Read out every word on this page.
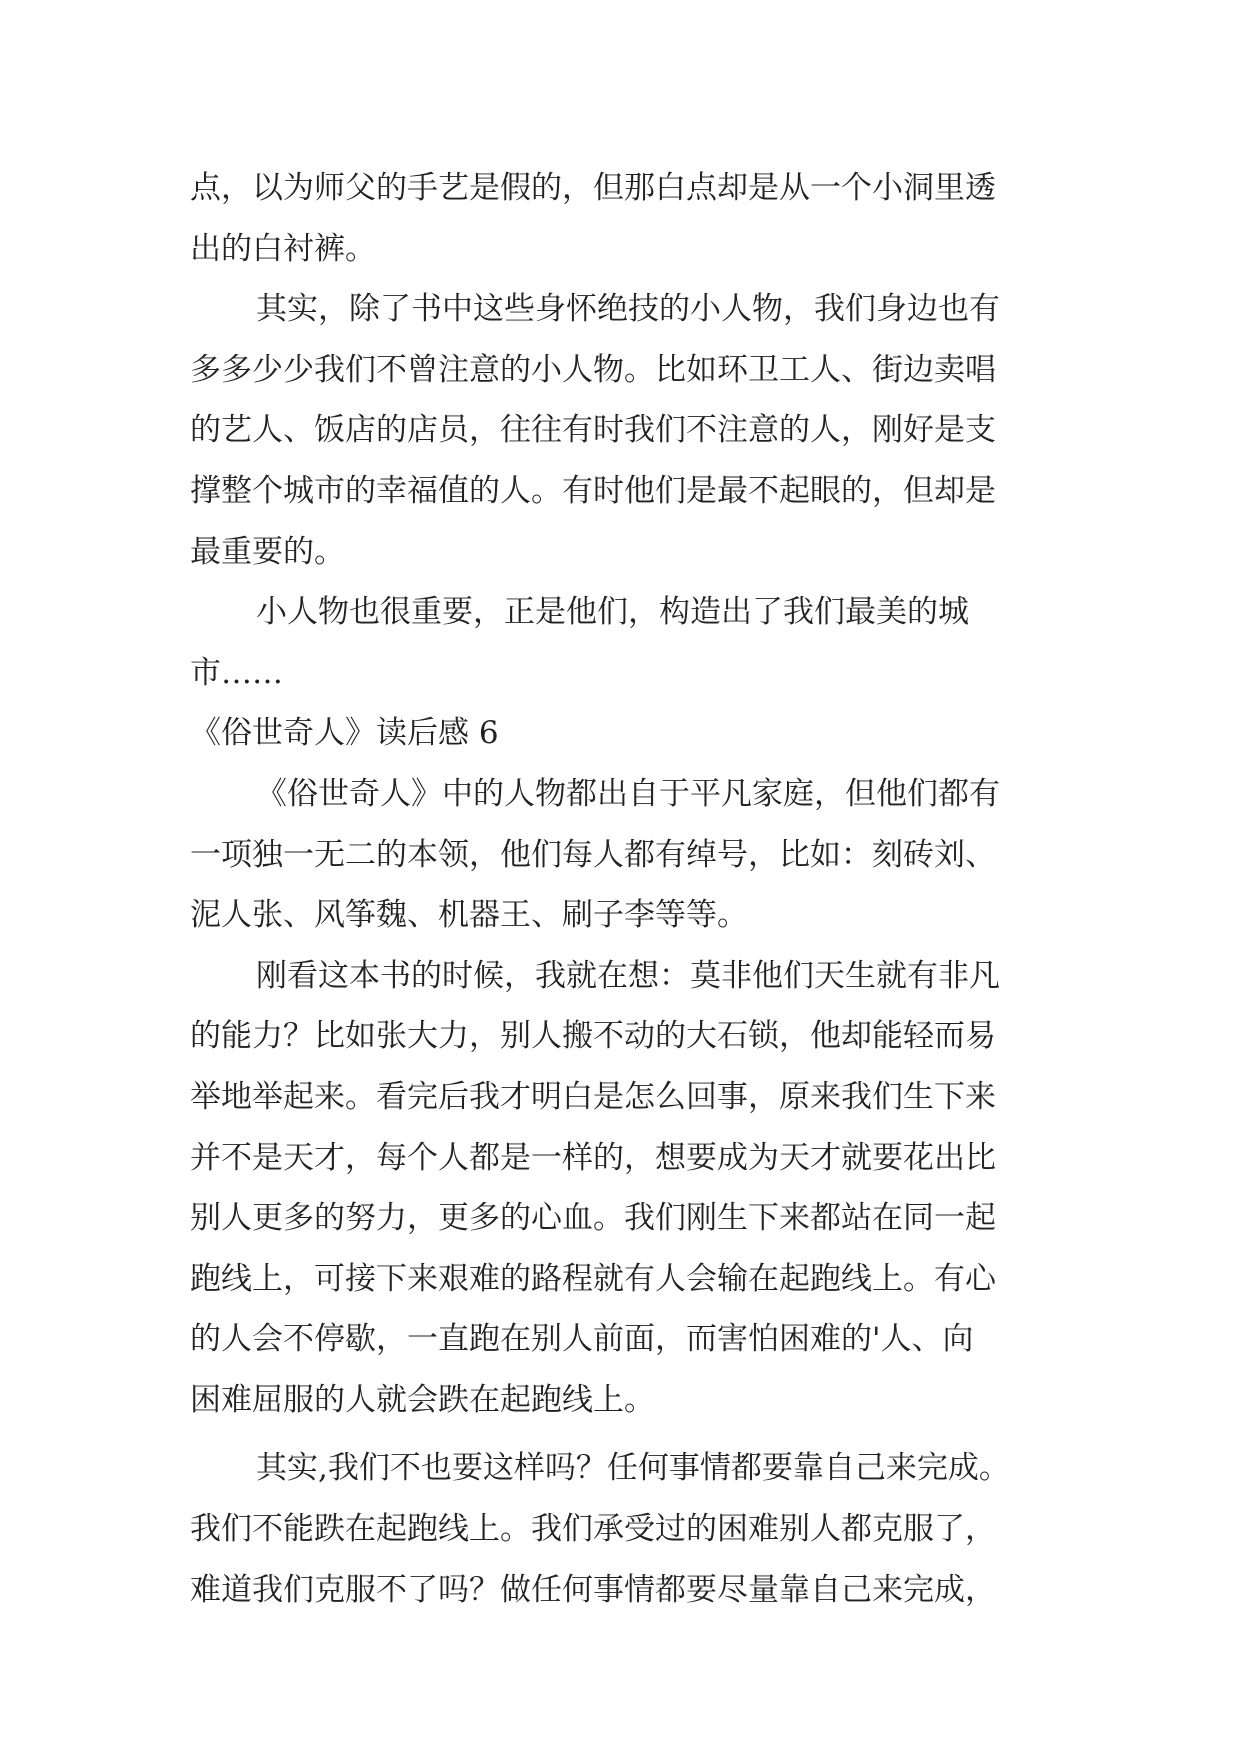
点，以为师父的手艺是假的，但那白点却是从一个小洞里透
出的白衬裤。
其实，除了书中这些身怀绝技的小人物，我们身边也有
多多少少我们不曾注意的小人物。比如环卫工人、街边卖唱
的艺人、饭店的店员，往往有时我们不注意的人，刚好是支
撑整个城市的幸福值的人。有时他们是最不起眼的，但却是
最重要的。
小人物也很重要，正是他们，构造出了我们最美的城
市……
《俗世奇人》读后感 6
《俗世奇人》中的人物都出自于平凡家庭，但他们都有
一项独一无二的本领，他们每人都有绰号，比如：刻砖刘、
泥人张、风筝魏、机器王、刷子李等等。
刚看这本书的时候，我就在想：莫非他们天生就有非凡
的能力？比如张大力，别人搬不动的大石锁，他却能轻而易
举地举起来。看完后我才明白是怎么回事，原来我们生下来
并不是天才，每个人都是一样的，想要成为天才就要花出比
别人更多的努力，更多的心血。我们刚生下来都站在同一起
跑线上，可接下来艰难的路程就有人会输在起跑线上。有心
的人会不停歇，一直跑在别人前面，而害怕困难的'人、向
困难屈服的人就会跌在起跑线上。
其实,我们不也要这样吗？任何事情都要靠自己来完成。
我们不能跌在起跑线上。我们承受过的困难别人都克服了，
难道我们克服不了吗？做任何事情都要尽量靠自己来完成，
